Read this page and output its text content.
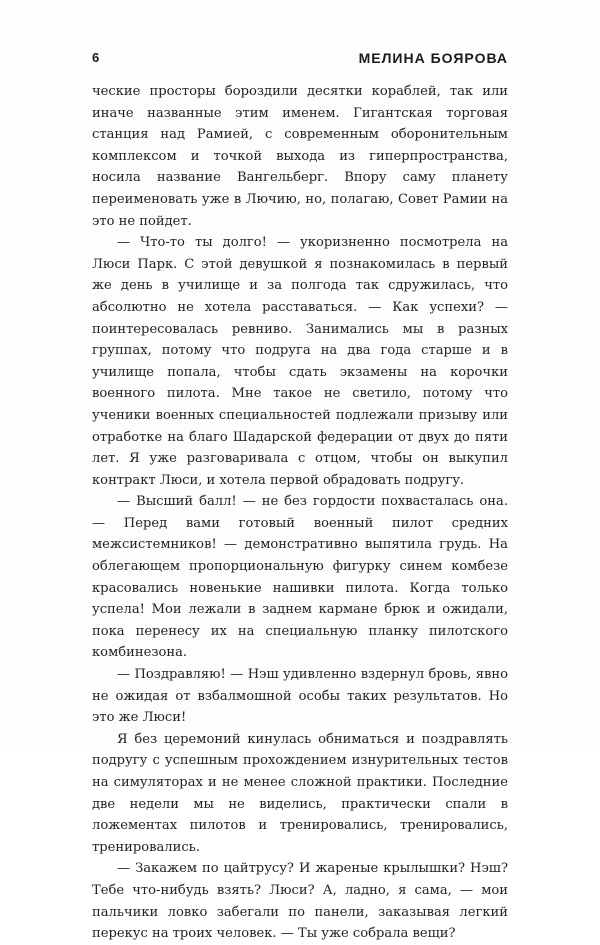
6	МЕЛИНА БОЯРОВА

ческие просторы бороздили десятки кораблей, так или иначе названные этим именем. Гигантская торговая станция над Рамией, с современным оборонительным комплексом и точкой выхода из гиперпространства, носила название Вангельберг. Впору саму планету переименовать уже в Лючию, но, полагаю, Совет Рамии на это не пойдет.

— Что-то ты долго! — укоризненно посмотрела на Люси Парк. С этой девушкой я познакомилась в первый же день в училище и за полгода так сдружилась, что абсолютно не хотела расставаться. — Как успехи? — поинтересовалась ревниво. Занимались мы в разных группах, потому что подруга на два года старше и в училище попала, чтобы сдать экзамены на корочки военного пилота. Мне такое не светило, потому что ученики военных специальностей подлежали призыву или отработке на благо Шадарской федерации от двух до пяти лет. Я уже разговаривала с отцом, чтобы он выкупил контракт Люси, и хотела первой обрадовать подругу.

— Высший балл! — не без гордости похвасталась она. — Перед вами готовый военный пилот средних межсистемников! — демонстративно выпятила грудь. На облегающем пропорциональную фигурку синем комбезе красовались новенькие нашивки пилота. Когда только успела! Мои лежали в заднем кармане брюк и ожидали, пока перенесу их на специальную планку пилотского комбинезона.

— Поздравляю! — Нэш удивленно вздернул бровь, явно не ожидая от взбалмошной особы таких результатов. Но это же Люси!

Я без церемоний кинулась обниматься и поздравлять подругу с успешным прохождением изнурительных тестов на симуляторах и не менее сложной практики. Последние две недели мы не виделись, практически спали в ложементах пилотов и тренировались, тренировались, тренировались.

— Закажем по цайтрусу? И жареные крылышки? Нэш? Тебе что-нибудь взять? Люси? А, ладно, я сама, — мои пальчики ловко забегали по панели, заказывая легкий перекус на троих человек. — Ты уже собрала вещи?
